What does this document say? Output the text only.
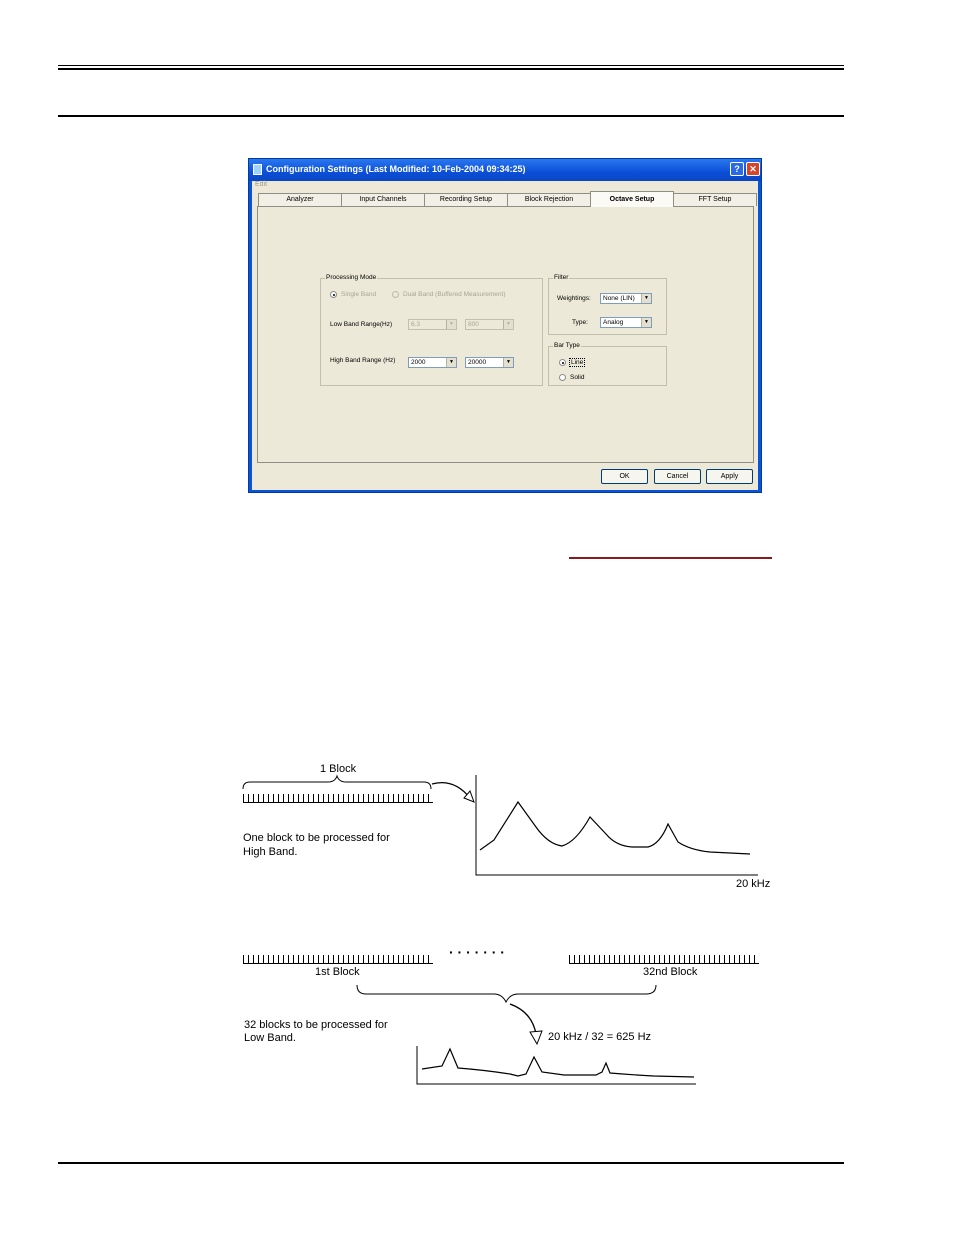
Configuration Settings (Last Modified: 10-Feb-2004 09:34:25)	?	✕
Edit
Analyzer	Input Channels	Recording Setup	Block Rejection	Octave Setup	FFT Setup
Processing Mode
Single Band	Dual Band (Buffered Measurement)
Low Band Range(Hz)	6.3	▼	800	▼
High Band Range (Hz)	2000	▼	20000	▼
Filter
Weightings:	None (LIN)	▼
Type:	Analog	▼
Bar Type
Line
Solid
OK	Cancel	Apply
1 Block
One block to be processed for
High Band.
20 kHz
· · · · · · ·
1st Block	32nd Block
32 blocks to be processed for
Low Band.	20 kHz / 32 = 625 Hz
